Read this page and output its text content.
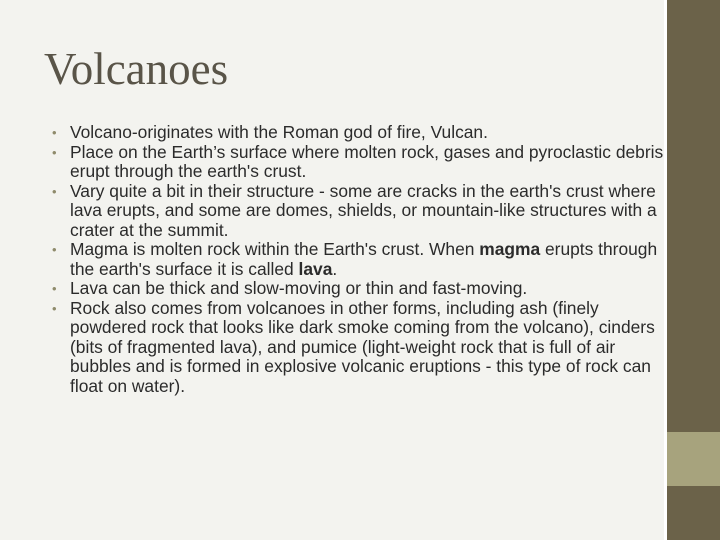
Volcanoes
• Volcano-originates with the Roman god of fire, Vulcan.
• Place on the Earth’s surface where molten rock, gases and pyroclastic debris erupt through the earth's crust.
• Vary quite a bit in their structure - some are cracks in the earth's crust where lava erupts, and some are domes, shields, or mountain-like structures with a crater at the summit.
• Magma is molten rock within the Earth's crust. When magma erupts through the earth's surface it is called lava.
• Lava can be thick and slow-moving or thin and fast-moving.
• Rock also comes from volcanoes in other forms, including ash (finely powdered rock that looks like dark smoke coming from the volcano), cinders (bits of fragmented lava), and pumice (light-weight rock that is full of air bubbles and is formed in explosive volcanic eruptions - this type of rock can float on water).
